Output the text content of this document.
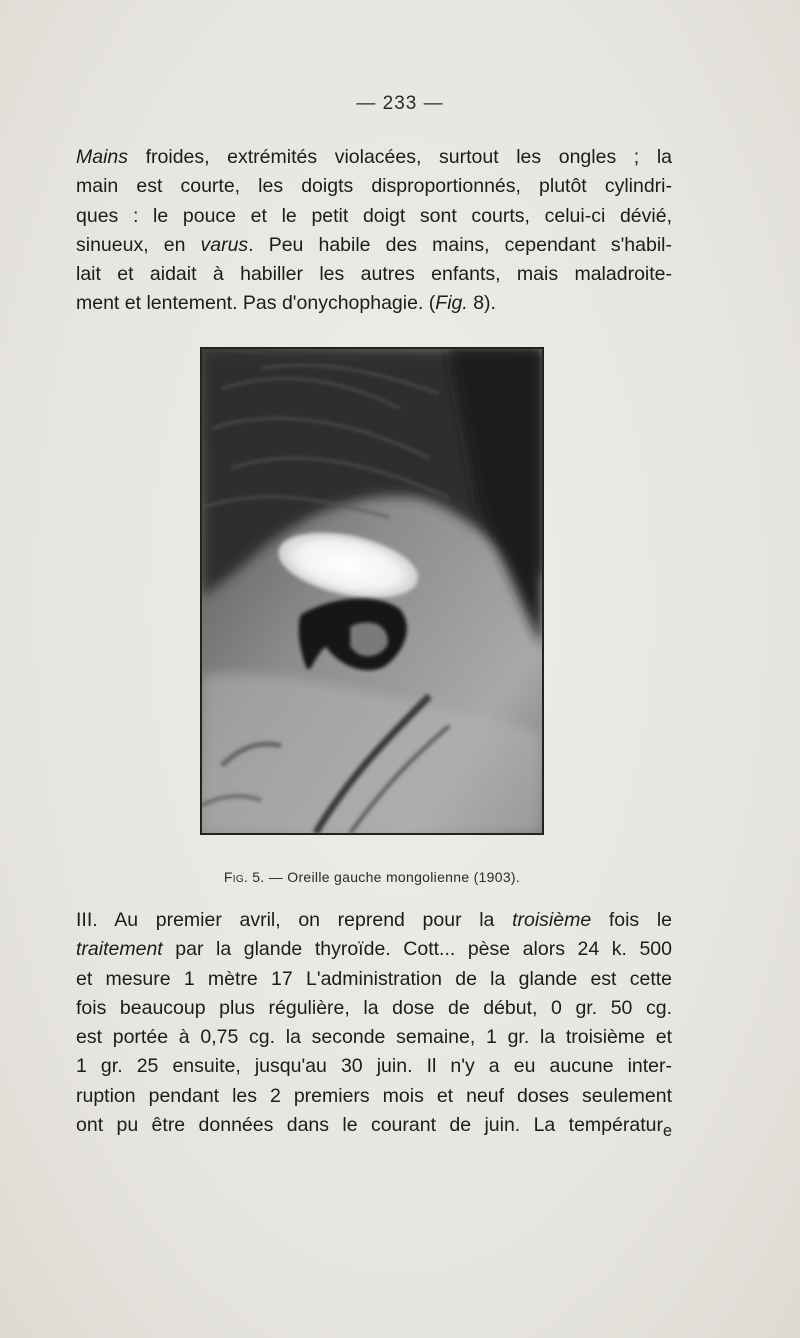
— 233 —

Mains froides, extrémités violacées, surtout les ongles ; la
main est courte, les doigts disproportionnés, plutôt cylindri-
ques : le pouce et le petit doigt sont courts, celui-ci dévié,
sinueux, en varus. Peu habile des mains, cependant s'habil-
lait et aidait à habiller les autres enfants, mais maladroite-
ment et lentement. Pas d'onychophagie. (Fig. 8).

Fig. 5. — Oreille gauche mongolienne (1903).

III. Au premier avril, on reprend pour la troisième fois le
traitement par la glande thyroïde. Cott... pèse alors 24 k. 500
et mesure 1 mètre 17 L'administration de la glande est cette
fois beaucoup plus régulière, la dose de début, 0 gr. 50 cg.
est portée à 0,75 cg. la seconde semaine, 1 gr. la troisième et
1 gr. 25 ensuite, jusqu'au 30 juin. Il n'y a eu aucune inter-
ruption pendant les 2 premiers mois et neuf doses seulement
ont pu être données dans le courant de juin. La températur$_e$
